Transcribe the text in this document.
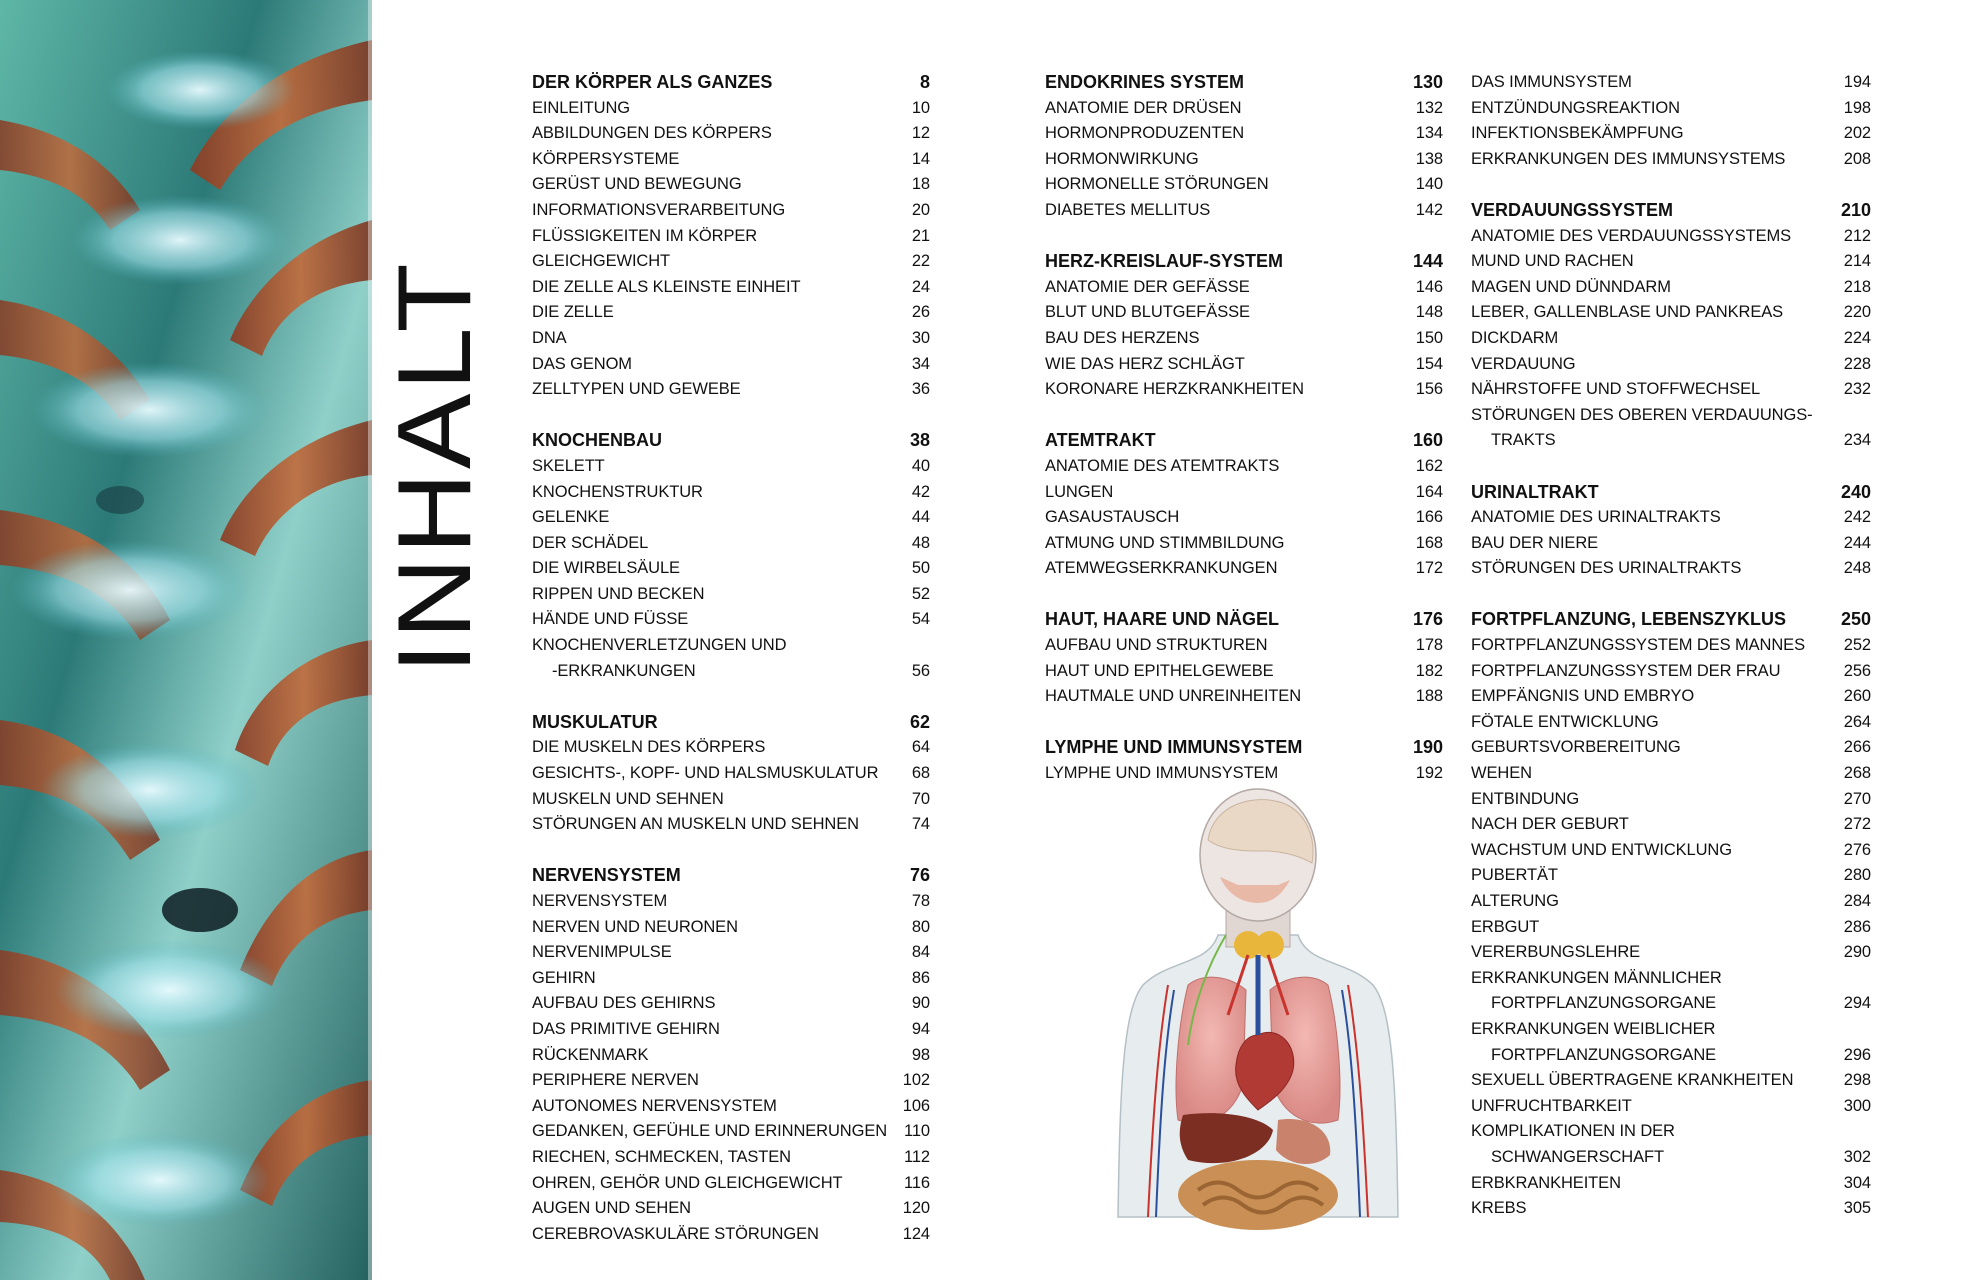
INHALT
DER KÖRPER ALS GANZES	8
EINLEITUNG	10
ABBILDUNGEN DES KÖRPERS	12
KÖRPERSYSTEME	14
GERÜST UND BEWEGUNG	18
INFORMATIONSVERARBEITUNG	20
FLÜSSIGKEITEN IM KÖRPER	21
GLEICHGEWICHT	22
DIE ZELLE ALS KLEINSTE EINHEIT	24
DIE ZELLE	26
DNA	30
DAS GENOM	34
ZELLTYPEN UND GEWEBE	36
KNOCHENBAU	38
SKELETT	40
KNOCHENSTRUKTUR	42
GELENKE	44
DER SCHÄDEL	48
DIE WIRBELSÄULE	50
RIPPEN UND BECKEN	52
HÄNDE UND FÜSSE	54
KNOCHENVERLETZUNGEN UND
-ERKRANKUNGEN	56
MUSKULATUR	62
DIE MUSKELN DES KÖRPERS	64
GESICHTS-, KOPF- UND HALSMUSKULATUR	68
MUSKELN UND SEHNEN	70
STÖRUNGEN AN MUSKELN UND SEHNEN	74
NERVENSYSTEM	76
NERVENSYSTEM	78
NERVEN UND NEURONEN	80
NERVENIMPULSE	84
GEHIRN	86
AUFBAU DES GEHIRNS	90
DAS PRIMITIVE GEHIRN	94
RÜCKENMARK	98
PERIPHERE NERVEN	102
AUTONOMES NERVENSYSTEM	106
GEDANKEN, GEFÜHLE UND ERINNERUNGEN	110
RIECHEN, SCHMECKEN, TASTEN	112
OHREN, GEHÖR UND GLEICHGEWICHT	116
AUGEN UND SEHEN	120
CEREBROVASKULÄRE STÖRUNGEN	124
ENDOKRINES SYSTEM	130
ANATOMIE DER DRÜSEN	132
HORMONPRODUZENTEN	134
HORMONWIRKUNG	138
HORMONELLE STÖRUNGEN	140
DIABETES MELLITUS	142
HERZ-KREISLAUF-SYSTEM	144
ANATOMIE DER GEFÄSSE	146
BLUT UND BLUTGEFÄSSE	148
BAU DES HERZENS	150
WIE DAS HERZ SCHLÄGT	154
KORONARE HERZKRANKHEITEN	156
ATEMTRAKT	160
ANATOMIE DES ATEMTRAKTS	162
LUNGEN	164
GASAUSTAUSCH	166
ATMUNG UND STIMMBILDUNG	168
ATEMWEGSERKRANKUNGEN	172
HAUT, HAARE UND NÄGEL	176
AUFBAU UND STRUKTUREN	178
HAUT UND EPITHELGEWEBE	182
HAUTMALE UND UNREINHEITEN	188
LYMPHE UND IMMUNSYSTEM	190
LYMPHE UND IMMUNSYSTEM	192
DAS IMMUNSYSTEM	194
ENTZÜNDUNGSREAKTION	198
INFEKTIONSBEKÄMPFUNG	202
ERKRANKUNGEN DES IMMUNSYSTEMS	208
VERDAUUNGSSYSTEM	210
ANATOMIE DES VERDAUUNGSSYSTEMS	212
MUND UND RACHEN	214
MAGEN UND DÜNNDARM	218
LEBER, GALLENBLASE UND PANKREAS	220
DICKDARM	224
VERDAUUNG	228
NÄHRSTOFFE UND STOFFWECHSEL	232
STÖRUNGEN DES OBEREN VERDAUUNGS-
TRAKTS	234
URINALTRAKT	240
ANATOMIE DES URINALTRAKTS	242
BAU DER NIERE	244
STÖRUNGEN DES URINALTRAKTS	248
FORTPFLANZUNG, LEBENSZYKLUS	250
FORTPFLANZUNGSSYSTEM DES MANNES	252
FORTPFLANZUNGSSYSTEM DER FRAU	256
EMPFÄNGNIS UND EMBRYO	260
FÖTALE ENTWICKLUNG	264
GEBURTSVORBEREITUNG	266
WEHEN	268
ENTBINDUNG	270
NACH DER GEBURT	272
WACHSTUM UND ENTWICKLUNG	276
PUBERTÄT	280
ALTERUNG	284
ERBGUT	286
VERERBUNGSLEHRE	290
ERKRANKUNGEN MÄNNLICHER
FORTPFLANZUNGSORGANE	294
ERKRANKUNGEN WEIBLICHER
FORTPFLANZUNGSORGANE	296
SEXUELL ÜBERTRAGENE KRANKHEITEN	298
UNFRUCHTBARKEIT	300
KOMPLIKATIONEN IN DER
SCHWANGERSCHAFT	302
ERBKRANKHEITEN	304
KREBS	305
